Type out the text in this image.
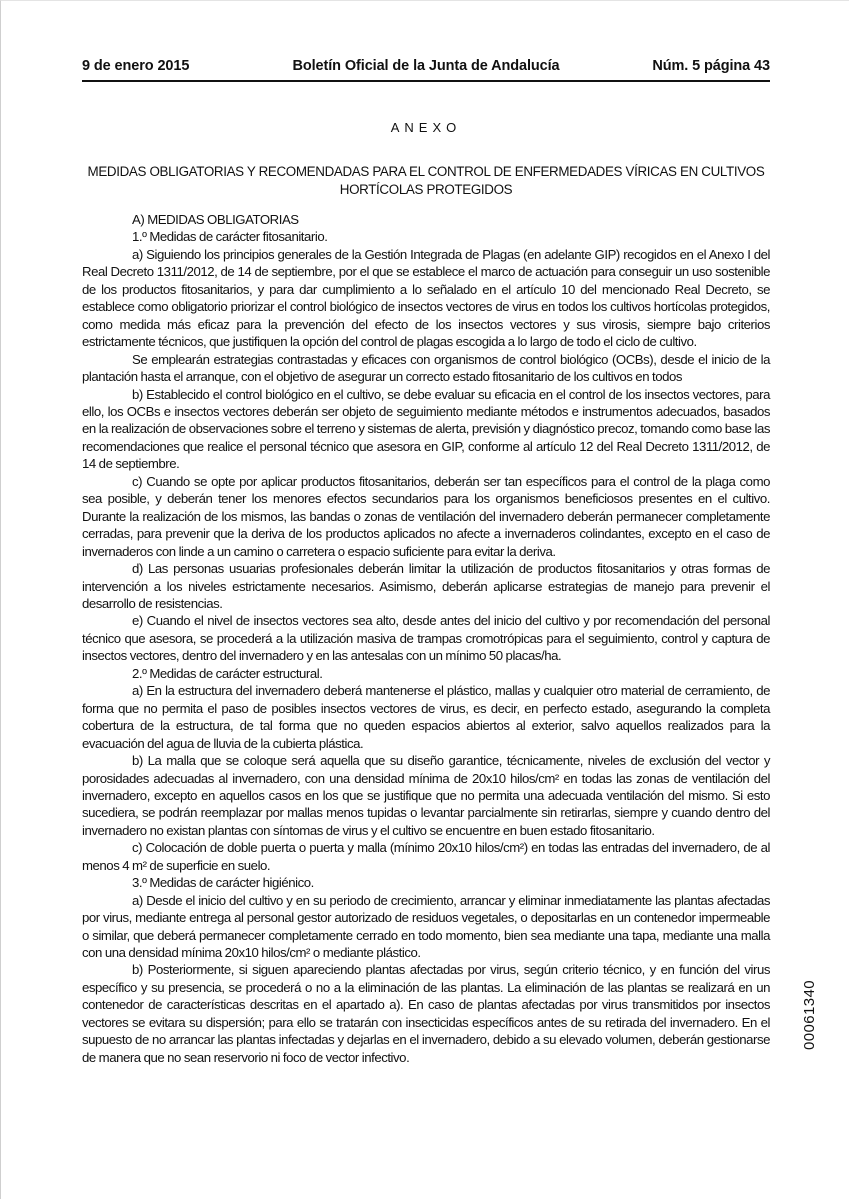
9 de enero 2015	Boletín Oficial de la Junta de Andalucía	Núm. 5 página 43
ANEXO
MEDIDAS OBLIGATORIAS Y RECOMENDADAS PARA EL CONTROL DE ENFERMEDADES VÍRICAS EN CULTIVOS HORTÍCOLAS PROTEGIDOS

A) MEDIDAS OBLIGATORIAS

1.º Medidas de carácter fitosanitario.

a) Siguiendo los principios generales de la Gestión Integrada de Plagas (en adelante GIP) recogidos en el Anexo I del Real Decreto 1311/2012, de 14 de septiembre, por el que se establece el marco de actuación para conseguir un uso sostenible de los productos fitosanitarios, y para dar cumplimiento a lo señalado en el artículo 10 del mencionado Real Decreto, se establece como obligatorio priorizar el control biológico de insectos vectores de virus en todos los cultivos hortícolas protegidos, como medida más eficaz para la prevención del efecto de los insectos vectores y sus virosis, siempre bajo criterios estrictamente técnicos, que justifiquen la opción del control de plagas escogida a lo largo de todo el ciclo de cultivo.

Se emplearán estrategias contrastadas y eficaces con organismos de control biológico (OCBs), desde el inicio de la plantación hasta el arranque, con el objetivo de asegurar un correcto estado fitosanitario de los cultivos en todos

b) Establecido el control biológico en el cultivo, se debe evaluar su eficacia en el control de los insectos vectores, para ello, los OCBs e insectos vectores deberán ser objeto de seguimiento mediante métodos e instrumentos adecuados, basados en la realización de observaciones sobre el terreno y sistemas de alerta, previsión y diagnóstico precoz, tomando como base las recomendaciones que realice el personal técnico que asesora en GIP, conforme al artículo 12 del Real Decreto 1311/2012, de 14 de septiembre.

c) Cuando se opte por aplicar productos fitosanitarios, deberán ser tan específicos para el control de la plaga como sea posible, y deberán tener los menores efectos secundarios para los organismos beneficiosos presentes en el cultivo. Durante la realización de los mismos, las bandas o zonas de ventilación del invernadero deberán permanecer completamente cerradas, para prevenir que la deriva de los productos aplicados no afecte a invernaderos colindantes, excepto en el caso de invernaderos con linde a un camino o carretera o espacio suficiente para evitar la deriva.

d) Las personas usuarias profesionales deberán limitar la utilización de productos fitosanitarios y otras formas de intervención a los niveles estrictamente necesarios. Asimismo, deberán aplicarse estrategias de manejo para prevenir el desarrollo de resistencias.

e) Cuando el nivel de insectos vectores sea alto, desde antes del inicio del cultivo y por recomendación del personal técnico que asesora, se procederá a la utilización masiva de trampas cromotrópicas para el seguimiento, control y captura de insectos vectores, dentro del invernadero y en las antesalas con un mínimo 50 placas/ha.

2.º Medidas de carácter estructural.

a) En la estructura del invernadero deberá mantenerse el plástico, mallas y cualquier otro material de cerramiento, de forma que no permita el paso de posibles insectos vectores de virus, es decir, en perfecto estado, asegurando la completa cobertura de la estructura, de tal forma que no queden espacios abiertos al exterior, salvo aquellos realizados para la evacuación del agua de lluvia de la cubierta plástica.

b) La malla que se coloque será aquella que su diseño garantice, técnicamente, niveles de exclusión del vector y porosidades adecuadas al invernadero, con una densidad mínima de 20x10 hilos/cm² en todas las zonas de ventilación del invernadero, excepto en aquellos casos en los que se justifique que no permita una adecuada ventilación del mismo. Si esto sucediera, se podrán reemplazar por mallas menos tupidas o levantar parcialmente sin retirarlas, siempre y cuando dentro del invernadero no existan plantas con síntomas de virus y el cultivo se encuentre en buen estado fitosanitario.

c) Colocación de doble puerta o puerta y malla (mínimo 20x10 hilos/cm²) en todas las entradas del invernadero, de al menos 4 m² de superficie en suelo.

3.º Medidas de carácter higiénico.

a) Desde el inicio del cultivo y en su periodo de crecimiento, arrancar y eliminar inmediatamente las plantas afectadas por virus, mediante entrega al personal gestor autorizado de residuos vegetales, o depositarlas en un contenedor impermeable o similar, que deberá permanecer completamente cerrado en todo momento, bien sea mediante una tapa, mediante una malla con una densidad mínima 20x10 hilos/cm² o mediante plástico.

b) Posteriormente, si siguen apareciendo plantas afectadas por virus, según criterio técnico, y en función del virus específico y su presencia, se procederá o no a la eliminación de las plantas. La eliminación de las plantas se realizará en un contenedor de características descritas en el apartado a). En caso de plantas afectadas por virus transmitidos por insectos vectores se evitara su dispersión; para ello se tratarán con insecticidas específicos antes de su retirada del invernadero. En el supuesto de no arrancar las plantas infectadas y dejarlas en el invernadero, debido a su elevado volumen, deberán gestionarse de manera que no sean reservorio ni foco de vector infectivo.

00061340
